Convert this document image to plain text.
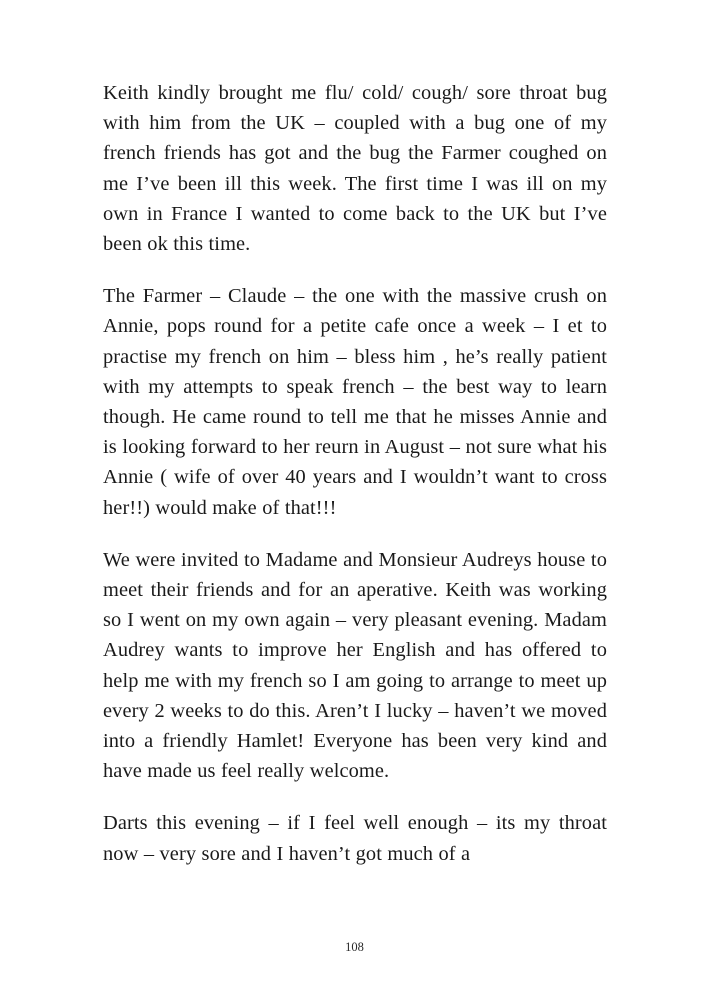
Keith kindly brought me flu/ cold/ cough/ sore throat bug with him from the UK – coupled with a bug one of my french friends has got and the bug the Farmer coughed on me I’ve been ill this week. The first time I was ill on my own in France I wanted to come back to the UK but I’ve been ok this time.

The Farmer – Claude – the one with the massive crush on Annie, pops round for a petite cafe once a week – I et to practise my french on him – bless him , he’s really patient with my attempts to speak french – the best way to learn though. He came round to tell me that he misses Annie and is looking forward to her reurn in August – not sure what his Annie ( wife of over 40 years and I wouldn’t want to cross her!!) would make of that!!!

We were invited to Madame and Monsieur Audreys house to meet their friends and for an aperative. Keith was working so I went on my own again – very pleasant evening. Madam Audrey wants to improve her English and has offered to help me with my french so I am going to arrange to meet up every 2 weeks to do this. Aren’t I lucky – haven’t we moved into a friendly Hamlet! Everyone has been very kind and have made us feel really welcome.

Darts this evening – if I feel well enough – its my throat now – very sore and I haven’t got much of a

108
